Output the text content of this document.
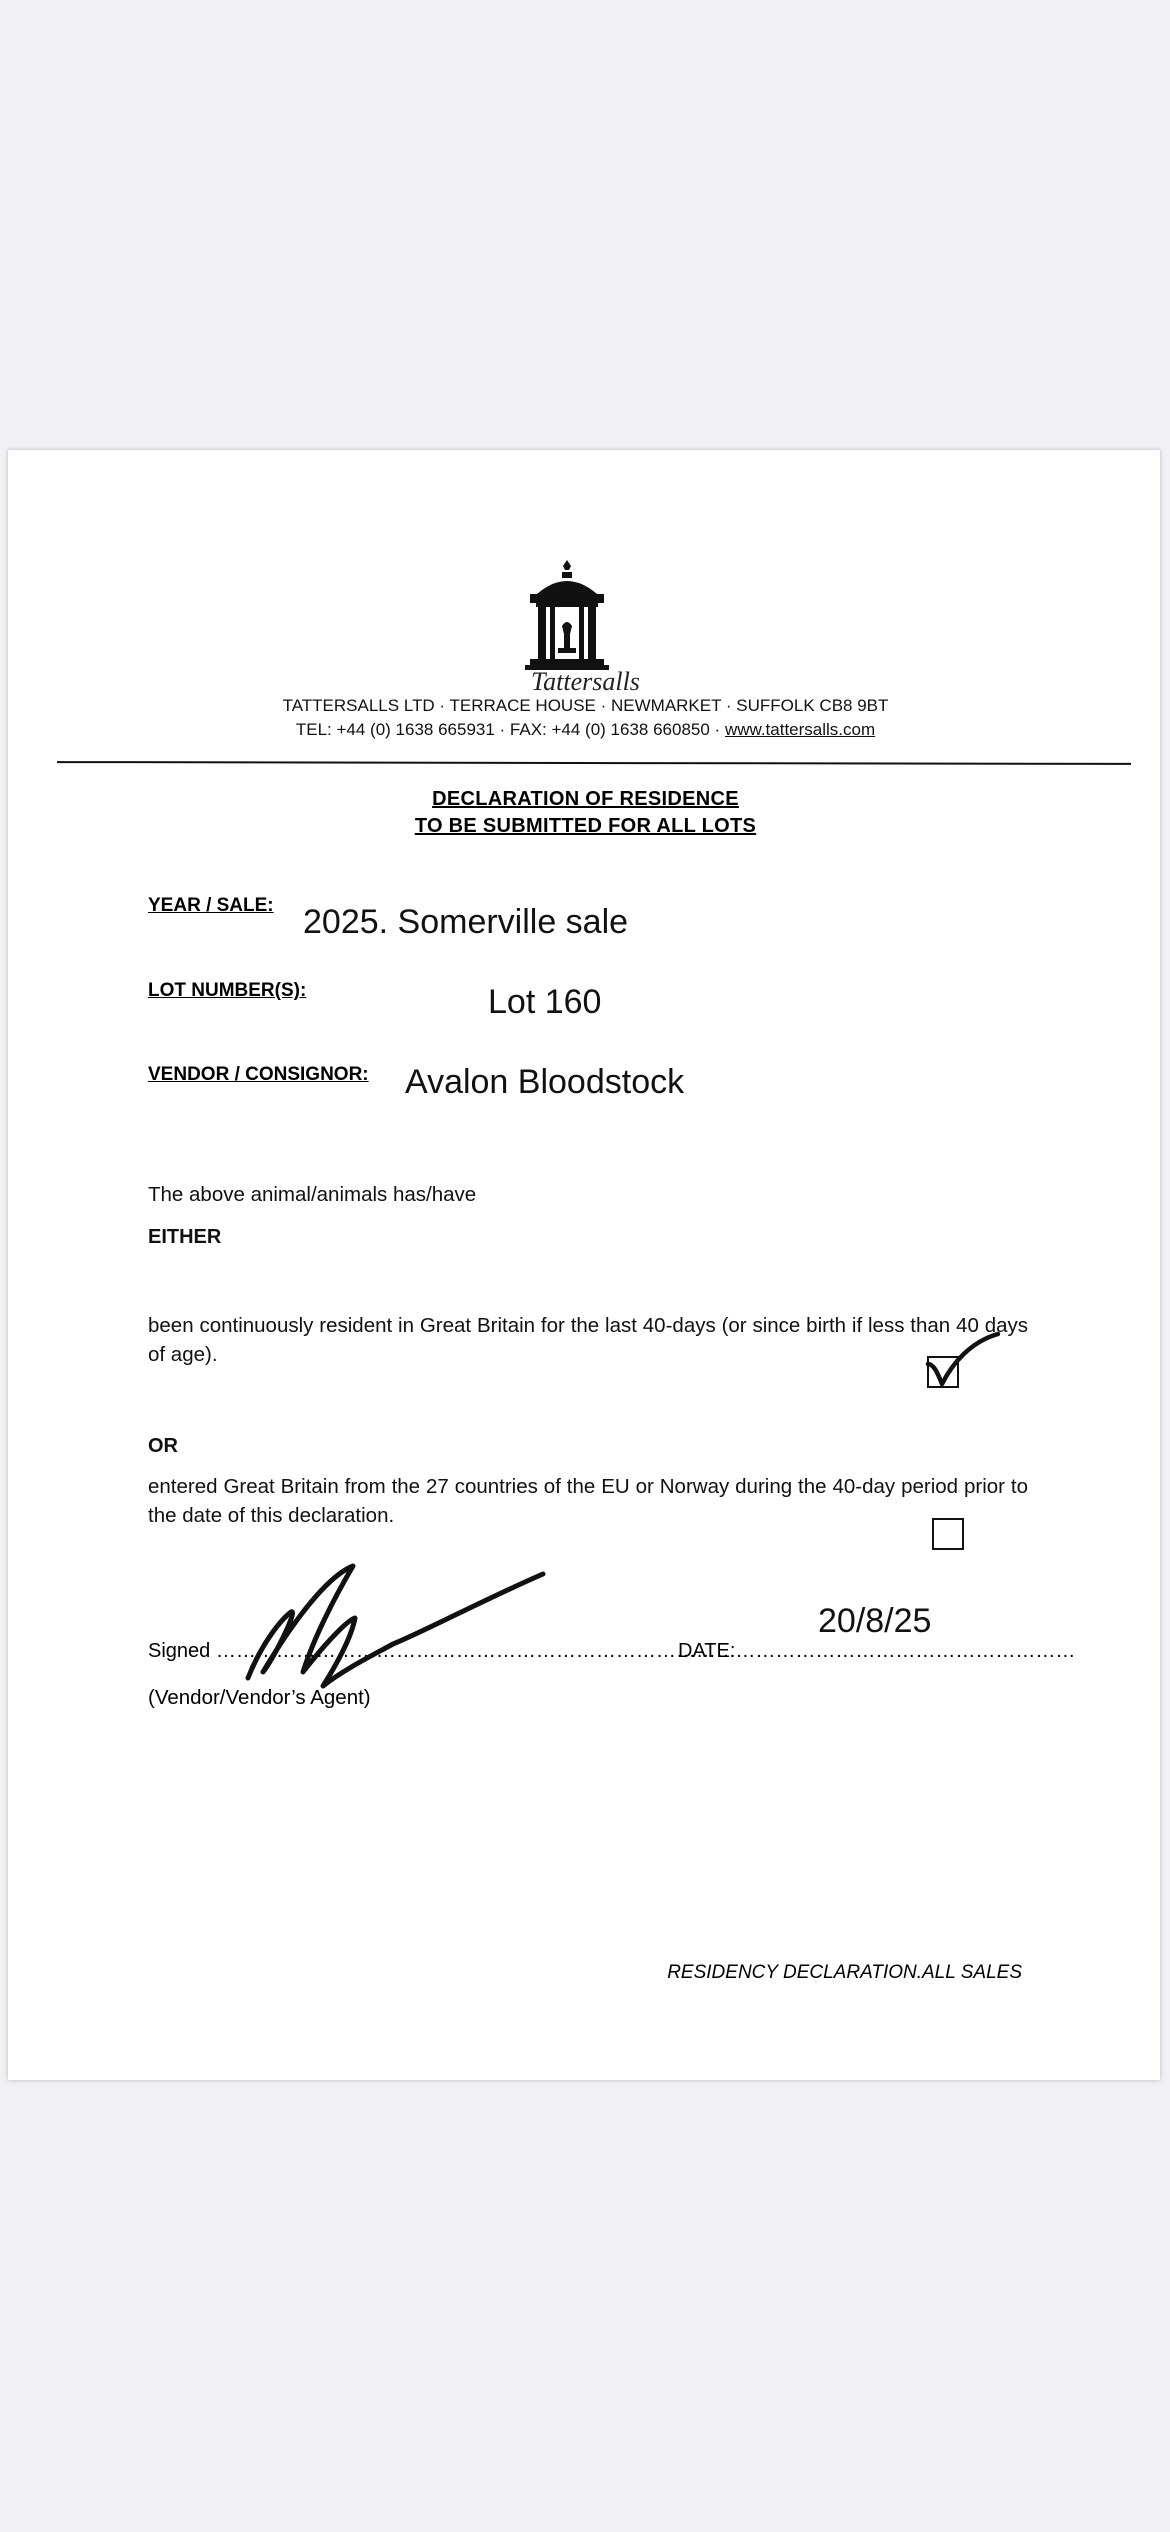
Tattersalls
TATTERSALLS LTD · TERRACE HOUSE · NEWMARKET · SUFFOLK CB8 9BT
TEL: +44 (0) 1638 665931 · FAX: +44 (0) 1638 660850 · www.tattersalls.com
DECLARATION OF RESIDENCE
TO BE SUBMITTED FOR ALL LOTS
YEAR / SALE: 2025. Somerville sale
LOT NUMBER(S):	Lot 160
VENDOR / CONSIGNOR: Avalon Bloodstock
The above animal/animals has/have
EITHER
been continuously resident in Great Britain for the last 40-days (or since birth if less than 40 days of age).
OR
entered Great Britain from the 27 countries of the EU or Norway during the 40-day period prior to the date of this declaration.
Signed ……………………………………………………………………
DATE:……………………………………………
20/8/25
(Vendor/Vendor’s Agent)
RESIDENCY DECLARATION.ALL SALES
